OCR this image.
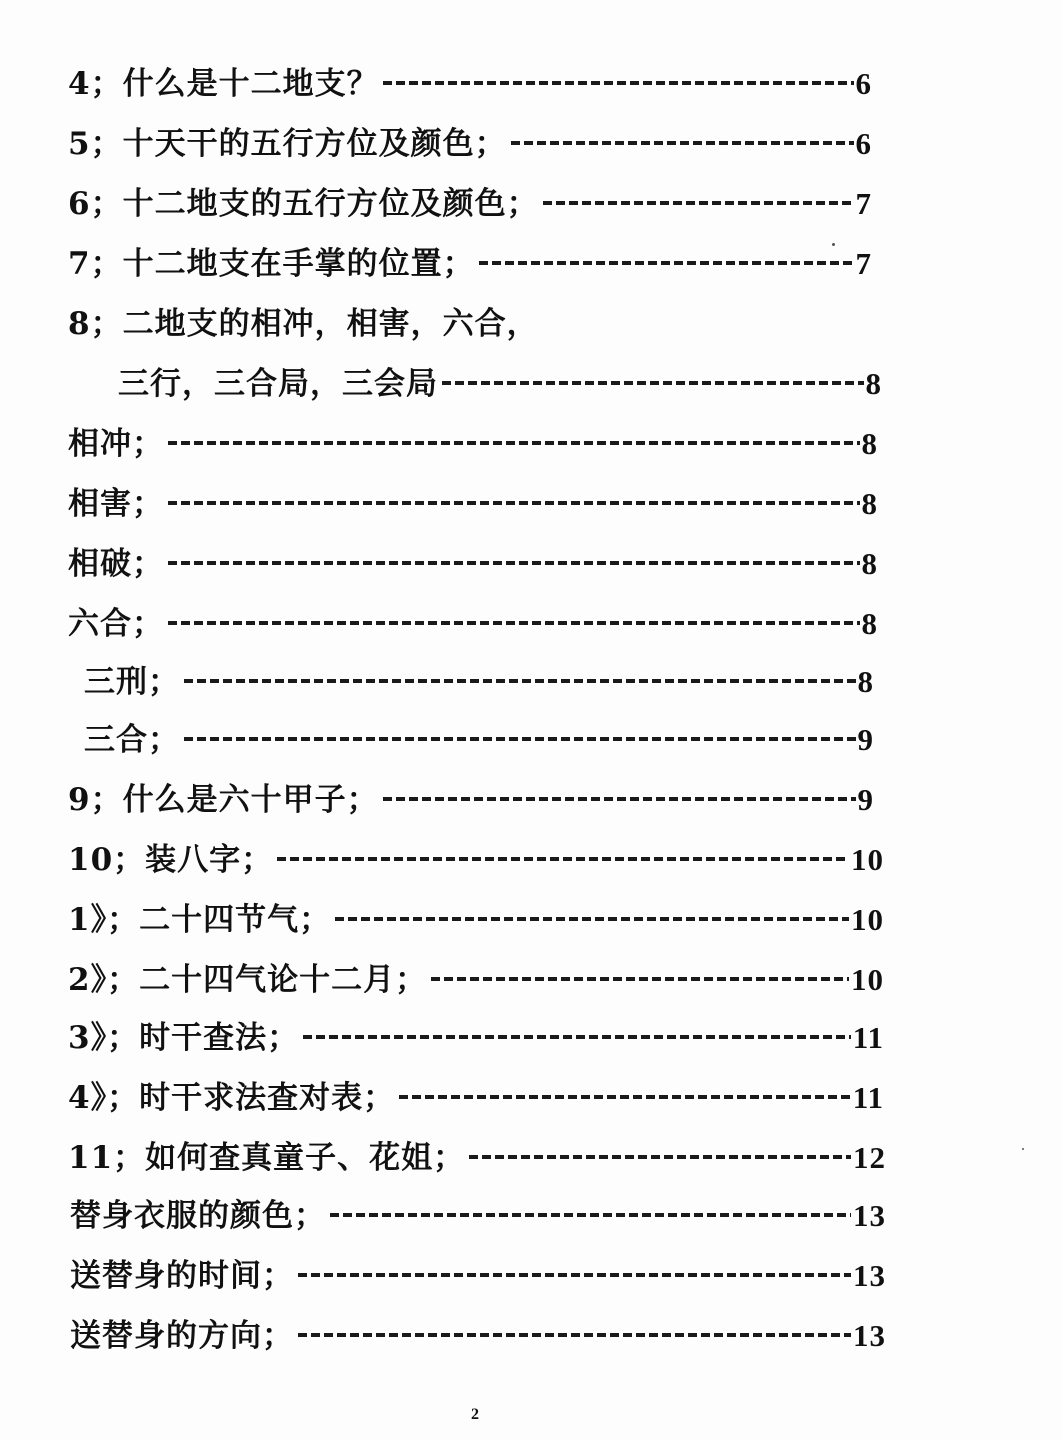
4；什么是十二地支？	6
5；十天干的五行方位及颜色；	6
6；十二地支的五行方位及颜色；	7
7；十二地支在手掌的位置；	7
8；二地支的相冲，相害，六合，
三行，三合局，三会局	8
相冲；	8
相害；	8
相破；	8
六合；	8
三刑；	8
三合；	9
9；什么是六十甲子；	9
10；装八字；	10
1》；二十四节气；	10
2》；二十四气论十二月；	10
3》；时干查法；	11
4》；时干求法查对表；	11
11；如何查真童子、花姐；	12
替身衣服的颜色；	13
送替身的时间；	13
送替身的方向；	13
2
